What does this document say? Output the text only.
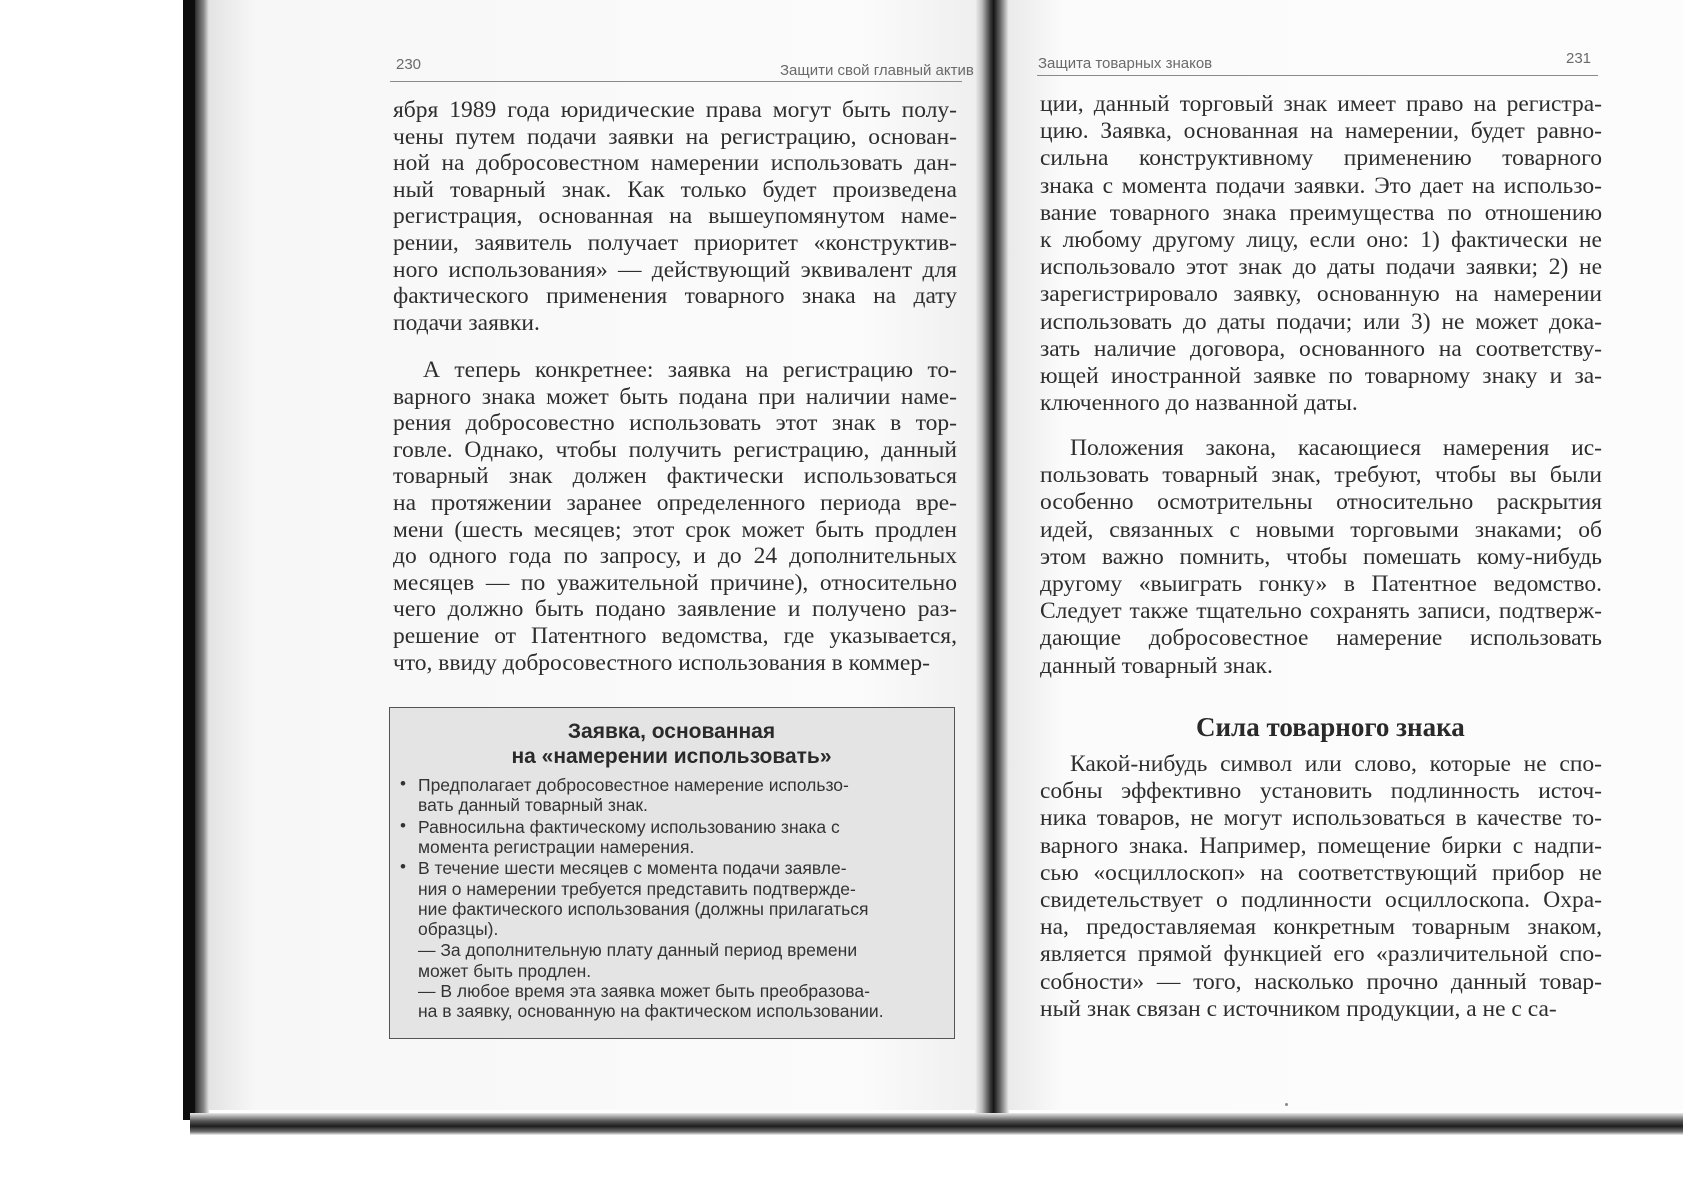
230	Защити свой главный актив	Защита товарных знаков	231
ября 1989 года юридические права могут быть полу-
чены путем подачи заявки на регистрацию, основан-
ной на добросовестном намерении использовать дан-
ный товарный знак. Как только будет произведена
регистрация, основанная на вышеупомянутом наме-
рении, заявитель получает приоритет «конструктив-
ного использования» — действующий эквивалент для
фактического применения товарного знака на дату
подачи заявки.
А теперь конкретнее: заявка на регистрацию то-
варного знака может быть подана при наличии наме-
рения добросовестно использовать этот знак в тор-
говле. Однако, чтобы получить регистрацию, данный
товарный знак должен фактически использоваться
на протяжении заранее определенного периода вре-
мени (шесть месяцев; этот срок может быть продлен
до одного года по запросу, и до 24 дополнительных
месяцев — по уважительной причине), относительно
чего должно быть подано заявление и получено раз-
решение от Патентного ведомства, где указывается,
что, ввиду добросовестного использования в коммер-
Заявка, основанная
на «намерении использовать»
• Предполагает добросовестное намерение использо-
вать данный товарный знак.
• Равносильна фактическому использованию знака с
момента регистрации намерения.
• В течение шести месяцев с момента подачи заявле-
ния о намерении требуется представить подтвержде-
ние фактического использования (должны прилагаться
образцы).
— За дополнительную плату данный период времени
может быть продлен.
— В любое время эта заявка может быть преобразова-
на в заявку, основанную на фактическом использовании.
ции, данный торговый знак имеет право на регистра-
цию. Заявка, основанная на намерении, будет равно-
сильна конструктивному применению товарного
знака с момента подачи заявки. Это дает на использо-
вание товарного знака преимущества по отношению
к любому другому лицу, если оно: 1) фактически не
использовало этот знак до даты подачи заявки; 2) не
зарегистрировало заявку, основанную на намерении
использовать до даты подачи; или 3) не может дока-
зать наличие договора, основанного на соответству-
ющей иностранной заявке по товарному знаку и за-
ключенного до названной даты.
Положения закона, касающиеся намерения ис-
пользовать товарный знак, требуют, чтобы вы были
особенно осмотрительны относительно раскрытия
идей, связанных с новыми торговыми знаками; об
этом важно помнить, чтобы помешать кому-нибудь
другому «выиграть гонку» в Патентное ведомство.
Следует также тщательно сохранять записи, подтверж-
дающие добросовестное намерение использовать
данный товарный знак.
Сила товарного знака
Какой-нибудь символ или слово, которые не спо-
собны эффективно установить подлинность источ-
ника товаров, не могут использоваться в качестве то-
варного знака. Например, помещение бирки с надпи-
сью «осциллоскоп» на соответствующий прибор не
свидетельствует о подлинности осциллоскопа. Охра-
на, предоставляемая конкретным товарным знаком,
является прямой функцией его «различительной спо-
собности» — того, насколько прочно данный товар-
ный знак связан с источником продукции, а не с са-
